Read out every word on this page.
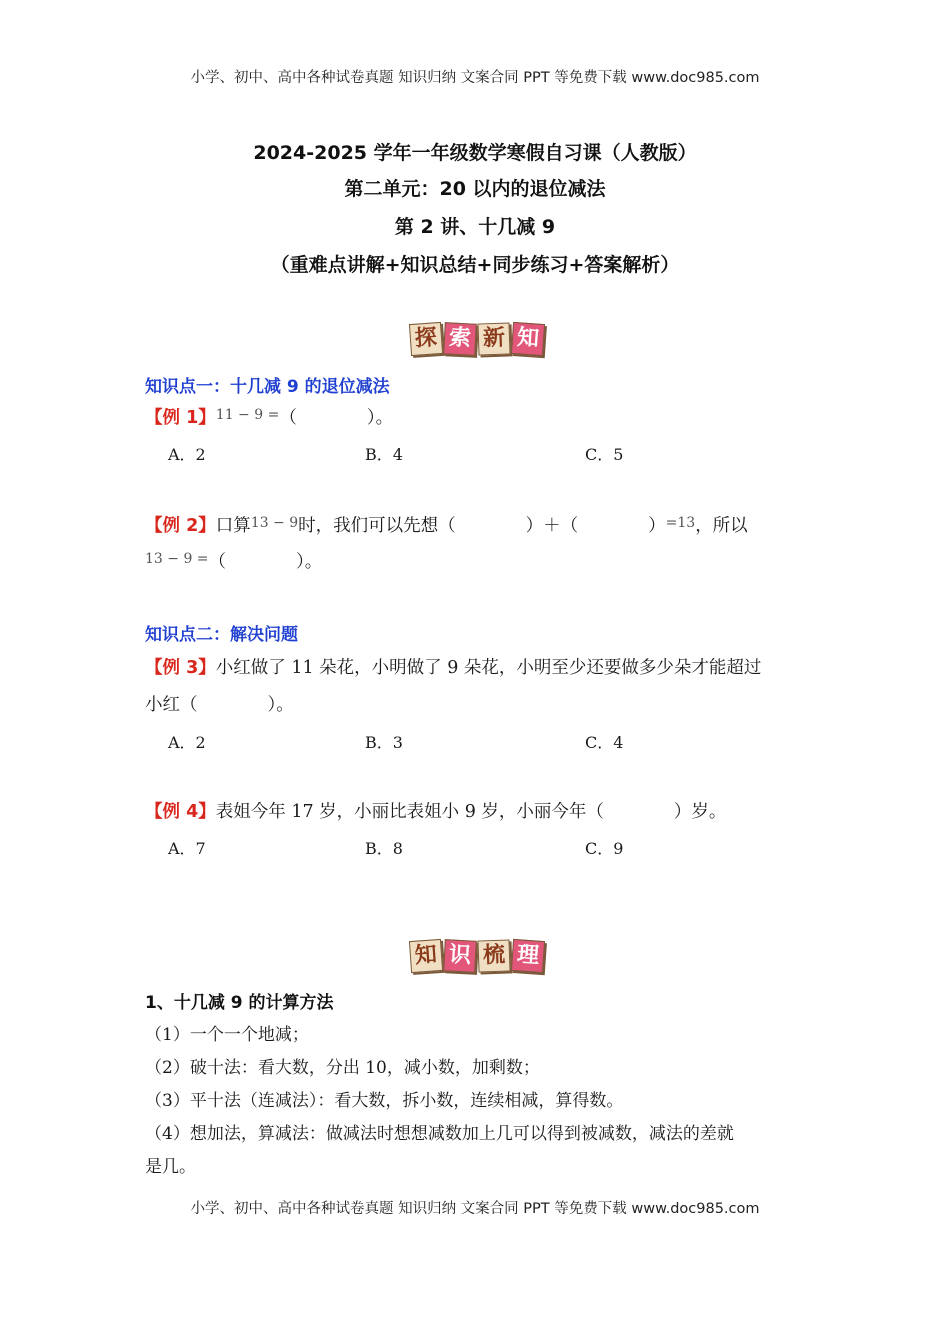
小学、初中、高中各种试卷真题 知识归纳 文案合同 PPT 等免费下载 www.doc985.com
2024-2025 学年一年级数学寒假自习课（人教版）
第二单元：20 以内的退位减法
第 2 讲、十几减 9
（重难点讲解+知识总结+同步练习+答案解析）
探 索 新 知
知识点一：十几减 9 的退位减法
【例 1】$^{11 - 9 =}$（　　　　）。
A．2	B．4	C．5
【例 2】口算$^{13 - 9}$时，我们可以先想（　　　　）＋（　　　　）$^{=13}$，所以
$^{13 - 9 =}$（　　　　）。
知识点二：解决问题
【例 3】小红做了 11 朵花，小明做了 9 朵花，小明至少还要做多少朵才能超过
小红（　　　　）。
A．2	B．3	C．4
【例 4】表姐今年 17 岁，小丽比表姐小 9 岁，小丽今年（　　　　）岁。
A．7	B．8	C．9
知 识 梳 理
1、十几减 9 的计算方法
（1）一个一个地减；
（2）破十法：看大数，分出 10，减小数，加剩数；
（3）平十法（连减法）：看大数，拆小数，连续相减，算得数。
（4）想加法，算减法：做减法时想想减数加上几可以得到被减数，减法的差就
是几。
小学、初中、高中各种试卷真题 知识归纳 文案合同 PPT 等免费下载 www.doc985.com
